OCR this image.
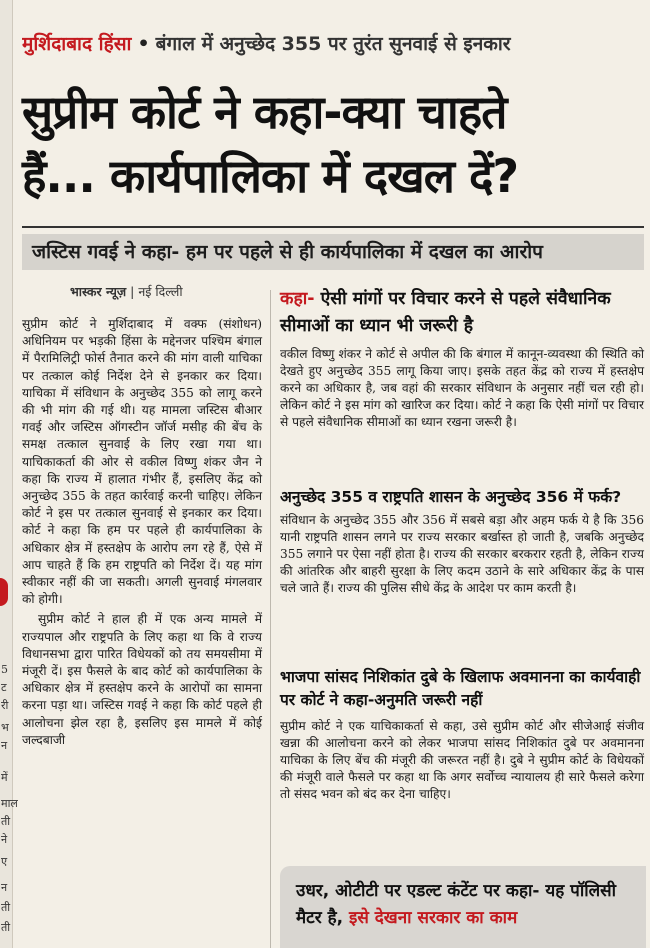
5
ट
री
भ
न
में
माल
ती
ने
ए
न
ती
ती
मुर्शिदाबाद हिंसा • बंगाल में अनुच्छेद 355 पर तुरंत सुनवाई से इनकार
सुप्रीम कोर्ट ने कहा-क्या चाहते
हैं... कार्यपालिका में दखल दें?
जस्टिस गवई ने कहा- हम पर पहले से ही कार्यपालिका में दखल का आरोप
भास्कर न्यूज़ | नई दिल्ली

सुप्रीम कोर्ट ने मुर्शिदाबाद में वक्फ (संशोधन) अधिनियम पर भड़की हिंसा के मद्देनजर पश्चिम बंगाल में पैरामिलिट्री फोर्स तैनात करने की मांग वाली याचिका पर तत्काल कोई निर्देश देने से इनकार कर दिया। याचिका में संविधान के अनुच्छेद 355 को लागू करने की भी मांग की गई थी। यह मामला जस्टिस बीआर गवई और जस्टिस ऑगस्टीन जॉर्ज मसीह की बेंच के समक्ष तत्काल सुनवाई के लिए रखा गया था। याचिकाकर्ता की ओर से वकील विष्णु शंकर जैन ने कहा कि राज्य में हालात गंभीर हैं, इसलिए केंद्र को अनुच्छेद 355 के तहत कार्रवाई करनी चाहिए। लेकिन कोर्ट ने इस पर तत्काल सुनवाई से इनकार कर दिया। कोर्ट ने कहा कि हम पर पहले ही कार्यपालिका के अधिकार क्षेत्र में हस्तक्षेप के आरोप लग रहे हैं, ऐसे में आप चाहते हैं कि हम राष्ट्रपति को निर्देश दें। यह मांग स्वीकार नहीं की जा सकती। अगली सुनवाई मंगलवार को होगी।

सुप्रीम कोर्ट ने हाल ही में एक अन्य मामले में राज्यपाल और राष्ट्रपति के लिए कहा था कि वे राज्य विधानसभा द्वारा पारित विधेयकों को तय समयसीमा में मंजूरी दें। इस फैसले के बाद कोर्ट को कार्यपालिका के अधिकार क्षेत्र में हस्तक्षेप करने के आरोपों का सामना करना पड़ा था। जस्टिस गवई ने कहा कि कोर्ट पहले ही आलोचना झेल रहा है, इसलिए इस मामले में कोई जल्दबाजी

कहा- ऐसी मांगों पर विचार करने से पहले संवैधानिक सीमाओं का ध्यान भी जरूरी है
वकील विष्णु शंकर ने कोर्ट से अपील की कि बंगाल में कानून-व्यवस्था की स्थिति को देखते हुए अनुच्छेद 355 लागू किया जाए। इसके तहत केंद्र को राज्य में हस्तक्षेप करने का अधिकार है, जब वहां की सरकार संविधान के अनुसार नहीं चल रही हो। लेकिन कोर्ट ने इस मांग को खारिज कर दिया। कोर्ट ने कहा कि ऐसी मांगों पर विचार से पहले संवैधानिक सीमाओं का ध्यान रखना जरूरी है।
अनुच्छेद 355 व राष्ट्रपति शासन के अनुच्छेद 356 में फर्क?
संविधान के अनुच्छेद 355 और 356 में सबसे बड़ा और अहम फर्क ये है कि 356 यानी राष्ट्रपति शासन लगने पर राज्य सरकार बर्खास्त हो जाती है, जबकि अनुच्छेद 355 लगाने पर ऐसा नहीं होता है। राज्य की सरकार बरकरार रहती है, लेकिन राज्य की आंतरिक और बाहरी सुरक्षा के लिए कदम उठाने के सारे अधिकार केंद्र के पास चले जाते हैं। राज्य की पुलिस सीधे केंद्र के आदेश पर काम करती है।
भाजपा सांसद निशिकांत दुबे के खिलाफ अवमानना का कार्यवाही पर कोर्ट ने कहा-अनुमति जरूरी नहीं
सुप्रीम कोर्ट ने एक याचिकाकर्ता से कहा, उसे सुप्रीम कोर्ट और सीजेआई संजीव खन्ना की आलोचना करने को लेकर भाजपा सांसद निशिकांत दुबे पर अवमानना याचिका के लिए बेंच की मंजूरी की जरूरत नहीं है। दुबे ने सुप्रीम कोर्ट के विधेयकों की मंजूरी वाले फैसले पर कहा था कि अगर सर्वोच्च न्यायालय ही सारे फैसले करेगा तो संसद भवन को बंद कर देना चाहिए।
उधर, ओटीटी पर एडल्ट कंटेंट पर कहा- यह पॉलिसी मैटर है, इसे देखना सरकार का काम
